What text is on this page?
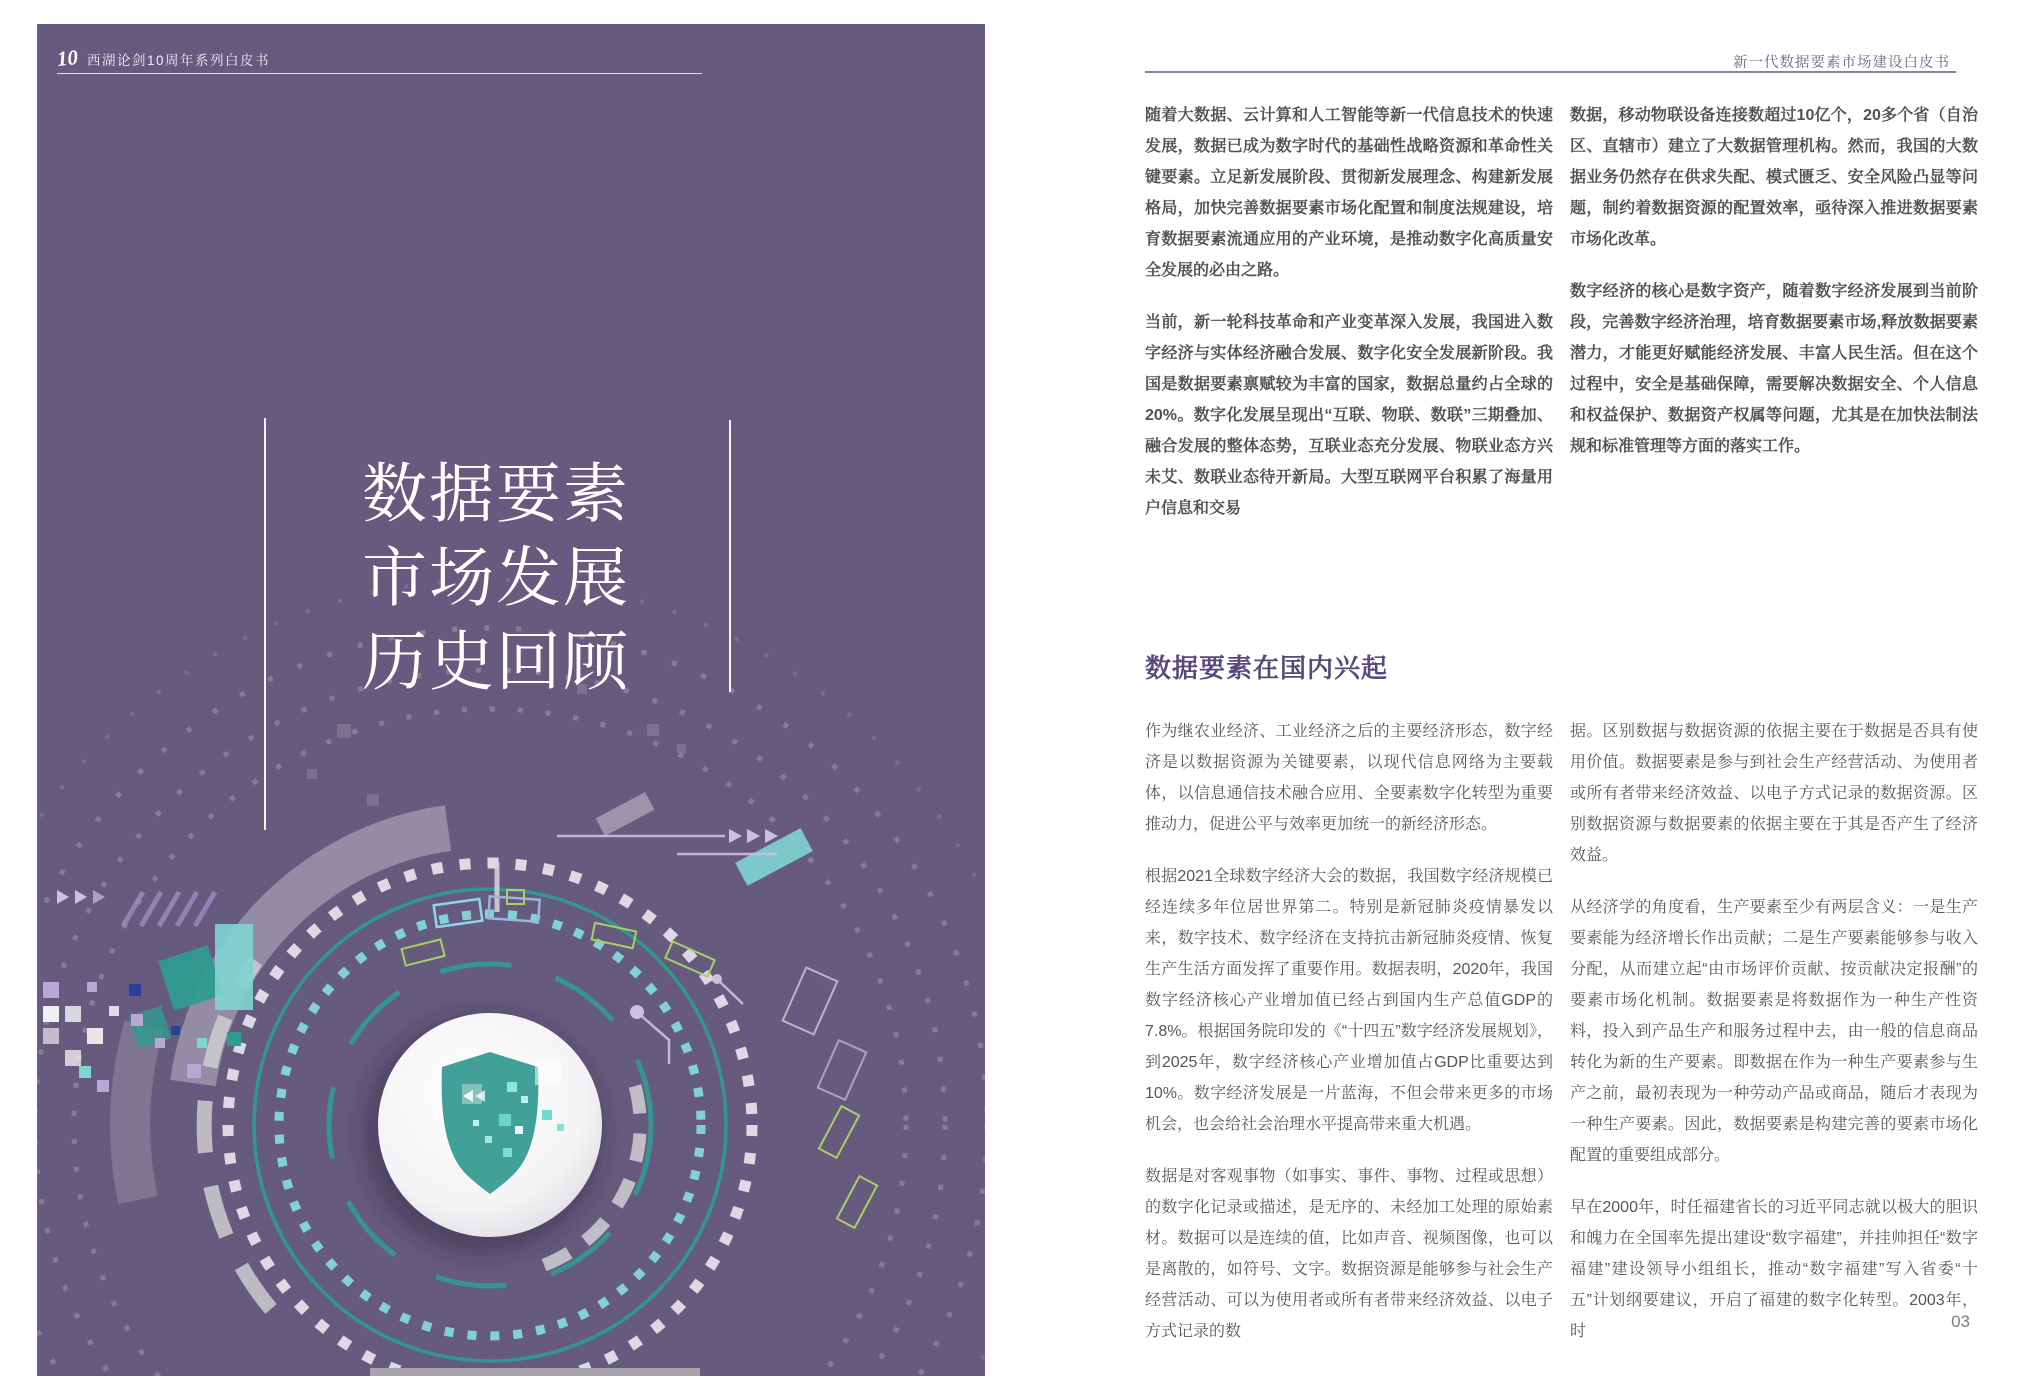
10 西湖论剑10周年系列白皮书
数据要素
市场发展
历史回顾
新一代数据要素市场建设白皮书

随着大数据、云计算和人工智能等新一代信息技术的快速发展，数据已成为数字时代的基础性战略资源和革命性关键要素。立足新发展阶段、贯彻新发展理念、构建新发展格局，加快完善数据要素市场化配置和制度法规建设，培育数据要素流通应用的产业环境，是推动数字化高质量安全发展的必由之路。

当前，新一轮科技革命和产业变革深入发展，我国进入数字经济与实体经济融合发展、数字化安全发展新阶段。我国是数据要素禀赋较为丰富的国家，数据总量约占全球的20%。数字化发展呈现出“互联、物联、数联”三期叠加、融合发展的整体态势，互联业态充分发展、物联业态方兴未艾、数联业态待开新局。大型互联网平台积累了海量用户信息和交易

数据，移动物联设备连接数超过10亿个，20多个省（自治区、直辖市）建立了大数据管理机构。然而，我国的大数据业务仍然存在供求失配、模式匮乏、安全风险凸显等问题，制约着数据资源的配置效率，亟待深入推进数据要素市场化改革。

数字经济的核心是数字资产，随着数字经济发展到当前阶段，完善数字经济治理，培育数据要素市场,释放数据要素潜力，才能更好赋能经济发展、丰富人民生活。但在这个过程中，安全是基础保障，需要解决数据安全、个人信息和权益保护、数据资产权属等问题，尤其是在加快法制法规和标准管理等方面的落实工作。

数据要素在国内兴起

作为继农业经济、工业经济之后的主要经济形态，数字经济是以数据资源为关键要素，以现代信息网络为主要载体，以信息通信技术融合应用、全要素数字化转型为重要推动力，促进公平与效率更加统一的新经济形态。

根据2021全球数字经济大会的数据，我国数字经济规模已经连续多年位居世界第二。特别是新冠肺炎疫情暴发以来，数字技术、数字经济在支持抗击新冠肺炎疫情、恢复生产生活方面发挥了重要作用。数据表明，2020年，我国数字经济核心产业增加值已经占到国内生产总值GDP的7.8%。根据国务院印发的《“十四五”数字经济发展规划》，到2025年，数字经济核心产业增加值占GDP比重要达到10%。数字经济发展是一片蓝海，不但会带来更多的市场机会，也会给社会治理水平提高带来重大机遇。

数据是对客观事物（如事实、事件、事物、过程或思想）的数字化记录或描述，是无序的、未经加工处理的原始素材。数据可以是连续的值，比如声音、视频图像，也可以是离散的，如符号、文字。数据资源是能够参与社会生产经营活动、可以为使用者或所有者带来经济效益、以电子方式记录的数

据。区别数据与数据资源的依据主要在于数据是否具有使用价值。数据要素是参与到社会生产经营活动、为使用者或所有者带来经济效益、以电子方式记录的数据资源。区别数据资源与数据要素的依据主要在于其是否产生了经济效益。

从经济学的角度看，生产要素至少有两层含义：一是生产要素能为经济增长作出贡献；二是生产要素能够参与收入分配，从而建立起“由市场评价贡献、按贡献决定报酬”的要素市场化机制。数据要素是将数据作为一种生产性资料，投入到产品生产和服务过程中去，由一般的信息商品转化为新的生产要素。即数据在作为一种生产要素参与生产之前，最初表现为一种劳动产品或商品，随后才表现为一种生产要素。因此，数据要素是构建完善的要素市场化配置的重要组成部分。

早在2000年，时任福建省长的习近平同志就以极大的胆识和魄力在全国率先提出建设“数字福建”，并挂帅担任“数字福建”建设领导小组组长，推动“数字福建”写入省委“十五”计划纲要建议，开启了福建的数字化转型。2003年，时

03
